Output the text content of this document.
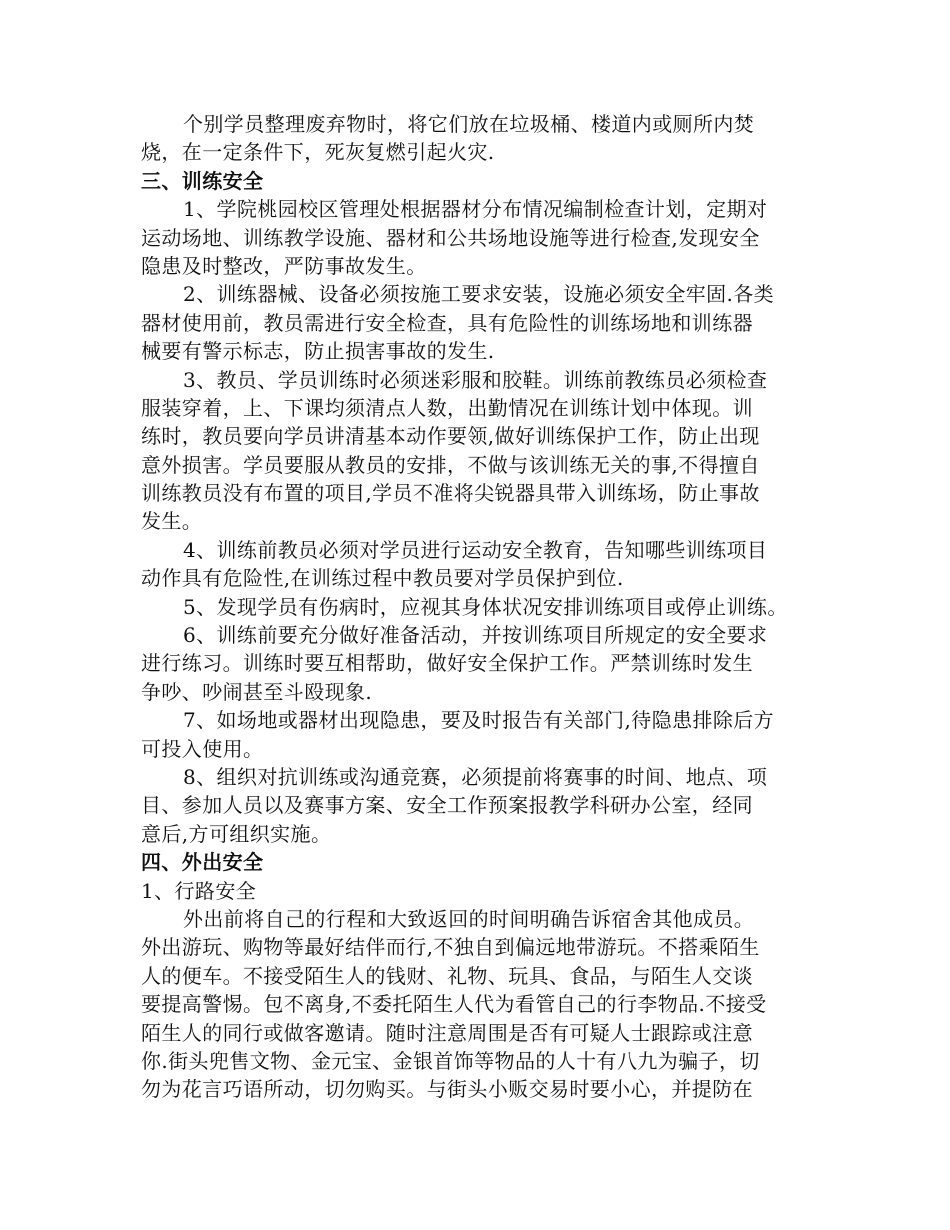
个别学员整理废弃物时，将它们放在垃圾桶、楼道内或厕所内焚
烧，在一定条件下，死灰复燃引起火灾.
三、训练安全
1、学院桃园校区管理处根据器材分布情况编制检查计划，定期对
运动场地、训练教学设施、器材和公共场地设施等进行检查,发现安全
隐患及时整改，严防事故发生。
2、训练器械、设备必须按施工要求安装，设施必须安全牢固.各类
器材使用前，教员需进行安全检查，具有危险性的训练场地和训练器
械要有警示标志，防止损害事故的发生.
3、教员、学员训练时必须迷彩服和胶鞋。训练前教练员必须检查
服装穿着，上、下课均须清点人数，出勤情况在训练计划中体现。训
练时，教员要向学员讲清基本动作要领,做好训练保护工作，防止出现
意外损害。学员要服从教员的安排，不做与该训练无关的事,不得擅自
训练教员没有布置的项目,学员不准将尖锐器具带入训练场，防止事故
发生。
4、训练前教员必须对学员进行运动安全教育，告知哪些训练项目
动作具有危险性,在训练过程中教员要对学员保护到位.
5、发现学员有伤病时，应视其身体状况安排训练项目或停止训练。
6、训练前要充分做好准备活动，并按训练项目所规定的安全要求
进行练习。训练时要互相帮助，做好安全保护工作。严禁训练时发生
争吵、吵闹甚至斗殴现象.
7、如场地或器材出现隐患，要及时报告有关部门,待隐患排除后方
可投入使用。
8、组织对抗训练或沟通竞赛，必须提前将赛事的时间、地点、项
目、参加人员以及赛事方案、安全工作预案报教学科研办公室，经同
意后,方可组织实施。
四、外出安全
1、行路安全
外出前将自己的行程和大致返回的时间明确告诉宿舍其他成员。
外出游玩、购物等最好结伴而行,不独自到偏远地带游玩。不搭乘陌生
人的便车。不接受陌生人的钱财、礼物、玩具、食品，与陌生人交谈
要提高警惕。包不离身,不委托陌生人代为看管自己的行李物品.不接受
陌生人的同行或做客邀请。随时注意周围是否有可疑人士跟踪或注意
你.街头兜售文物、金元宝、金银首饰等物品的人十有八九为骗子，切
勿为花言巧语所动，切勿购买。与街头小贩交易时要小心，并提防在
